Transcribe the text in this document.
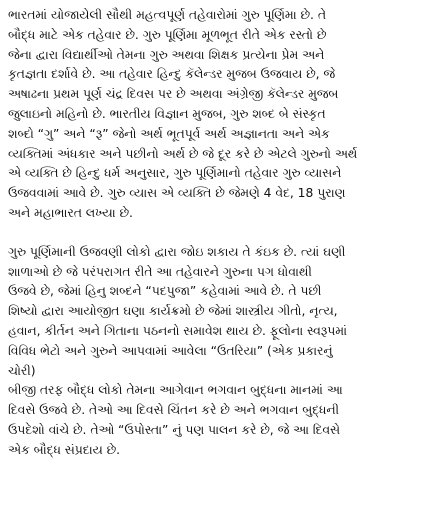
ભારતમાં યોજાયેલી સૌથી મહત્વપૂર્ણ તહેવારોમાં ગુરુ પૂર્ણિમા છે. તે
બૌદ્ધ માટે એક તહેવાર છે. ગુરુ પૂર્ણિમા મૂળભૂત રીતે એક રસ્તો છે
જેના દ્વારા વિદ્યાર્થીઓ તેમના ગુરુ અથવા શિક્ષક પ્રત્યેના પ્રેમ અને
કૃતજ્ઞતા દર્શાવે છે. આ તહેવાર હિન્દુ કૅલેન્ડર મુજબ ઉજવાય છે, જે
અષાઢના પ્રથમ પૂર્ણ ચંદ્ર દિવસ પર છે અથવા અંગ્રેજી કૅલેન્ડર મુજબ
જુલાઇનો મહિનો છે. ભારતીય વિજ્ઞાન મુજબ, ગુરુ શબ્દ બે સંસ્કૃત
શબ્દો “ગુ” અને “રૂ” જેનો અર્થ ભૂતપૂર્વ અર્થ અજ્ઞાનતા અને એક
વ્યક્તિમાં અંધકાર અને પછીનો અર્થ છે જે દૂર કરે છે એટલે ગુરુનો અર્થ
એ વ્યક્તિ છે હિન્દુ ધર્મ અનુસાર, ગુરુ પૂર્ણિમાનો તહેવાર ગુરુ વ્યાસને
ઉજવવામાં આવે છે. ગુરુ વ્યાસ એ વ્યક્તિ છે જેમણે 4 વેદ, 18 પુરાણ
અને મહાભારત લખ્યા છે.

ગુરુ પૂર્ણિમાની ઉજવણી લોકો દ્વારા જોઇ શકાય તે કંઇક છે. ત્યાં ઘણી
શાળાઓ છે જે પરંપરાગત રીતે આ તહેવારને ગુરુના પગ ધોવાથી
ઉજવે છે, જેમાં હિનુ શબ્દને “પદપુજા” કહેવામાં આવે છે. તે પછી
શિષ્યો દ્વારા આયોજીત ઘણા કાર્યક્રમો છે જેમાં શાસ્ત્રીય ગીતો, નૃત્ય,
હવાન, કીર્તન અને ગિતાના પઠનનો સમાવેશ થાય છે. ફૂલોના સ્વરૂપમાં
વિવિધ ભેટો અને ગુરુને આપવામાં આવેલા “ઉતરિયા” (એક પ્રકારનું
ચોરી)
બીજી તરફ બૌદ્ધ લોકો તેમના આગેવાન ભગવાન બુદ્ધના માનમાં આ
દિવસે ઉજવે છે. તેઓ આ દિવસે ચિંતન કરે છે અને ભગવાન બુદ્ધની
ઉપદેશો વાંચે છે. તેઓ “ઉપોસ્તા” નું પણ પાલન કરે છે, જે આ દિવસે
એક બૌદ્ધ સંપ્રદાય છે.
